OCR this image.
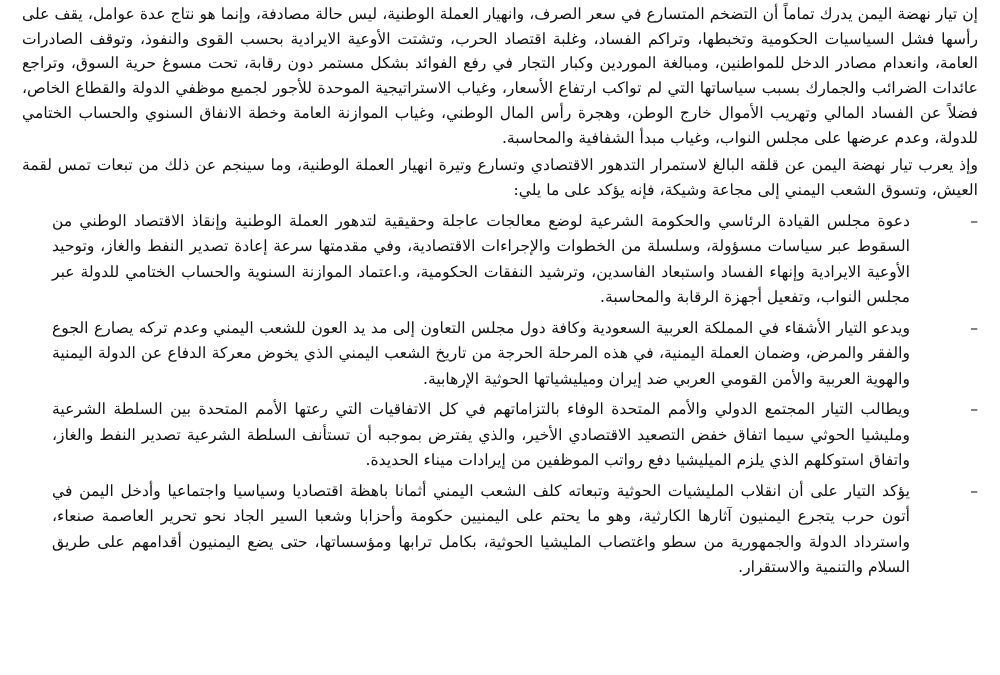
إن تيار نهضة اليمن يدرك تماماً أن التضخم المتسارع في سعر الصرف، وانهيار العملة الوطنية، ليس حالة مصادفة، وإنما هو نتاج عدة عوامل، يقف على رأسها فشل السياسيات الحكومية وتخبطها، وتراكم الفساد، وغلبة اقتصاد الحرب، وتشتت الأوعية الايرادية بحسب القوى والنفوذ، وتوقف الصادرات العامة، وانعدام مصادر الدخل للمواطنين، ومبالغة الموردين وكبار التجار في رفع الفوائد بشكل مستمر دون رقابة، تحت مسوغ حرية السوق، وتراجع عائدات الضرائب والجمارك بسبب سياساتها التي لم تواكب ارتفاع الأسعار، وغياب الاستراتيجية الموحدة للأجور لجميع موظفي الدولة والقطاع الخاص، فضلاً عن الفساد المالي وتهريب الأموال خارج الوطن، وهجرة رأس المال الوطني، وغياب الموازنة العامة وخطة الانفاق السنوي والحساب الختامي للدولة، وعدم عرضها على مجلس النواب، وغياب مبدأ الشفافية والمحاسبة.

وإذ يعرب تيار نهضة اليمن عن قلقه البالغ لاستمرار التدهور الاقتصادي وتسارع وتيرة انهيار العملة الوطنية، وما سينجم عن ذلك من تبعات تمس لقمة العيش، وتسوق الشعب اليمني إلى مجاعة وشيكة، فإنه يؤكد على ما يلي:

–
دعوة مجلس القيادة الرئاسي والحكومة الشرعية لوضع معالجات عاجلة وحقيقية لتدهور العملة الوطنية وإنقاذ الاقتصاد الوطني من السقوط عبر سياسات مسؤولة، وسلسلة من الخطوات والإجراءات الاقتصادية، وفي مقدمتها سرعة إعادة تصدير النفط والغاز، وتوحيد الأوعية الايرادية وإنهاء الفساد واستبعاد الفاسدين، وترشيد النفقات الحكومية، و.اعتماد الموازنة السنوية والحساب الختامي للدولة عبر مجلس النواب، وتفعيل أجهزة الرقابة والمحاسبة.
–
ويدعو التيار الأشقاء في المملكة العربية السعودية وكافة دول مجلس التعاون إلى مد يد العون للشعب اليمني وعدم تركه يصارع الجوع والفقر والمرض، وضمان العملة اليمنية، في هذه المرحلة الحرجة من تاريخ الشعب اليمني الذي يخوض معركة الدفاع عن الدولة اليمنية والهوية العربية والأمن القومي العربي ضد إيران وميليشياتها الحوثية الإرهابية.
–
ويطالب التيار المجتمع الدولي والأمم المتحدة الوفاء بالتزاماتهم في كل الاتفاقيات التي رعتها الأمم المتحدة بين السلطة الشرعية ومليشيا الحوثي سيما اتفاق خفض التصعيد الاقتصادي الأخير، والذي يفترض بموجبه أن تستأنف السلطة الشرعية تصدير النفط والغاز، واتفاق استوكلهم الذي يلزم الميليشيا دفع رواتب الموظفين من إيرادات ميناء الحديدة.
–
يؤكد التيار على أن انقلاب المليشيات الحوثية وتبعاته كلف الشعب اليمني أثمانا باهظة اقتصاديا وسياسيا واجتماعيا وأدخل اليمن في أتون حرب يتجرع اليمنيون آثارها الكارثية، وهو ما يحتم على اليمنيين حكومة وأحزابا وشعبا السير الجاد نحو تحرير العاصمة صنعاء، واسترداد الدولة والجمهورية من سطو واغتصاب المليشيا الحوثية، بكامل ترابها ومؤسساتها، حتى يضع اليمنيون أقدامهم على طريق السلام والتنمية والاستقرار.
